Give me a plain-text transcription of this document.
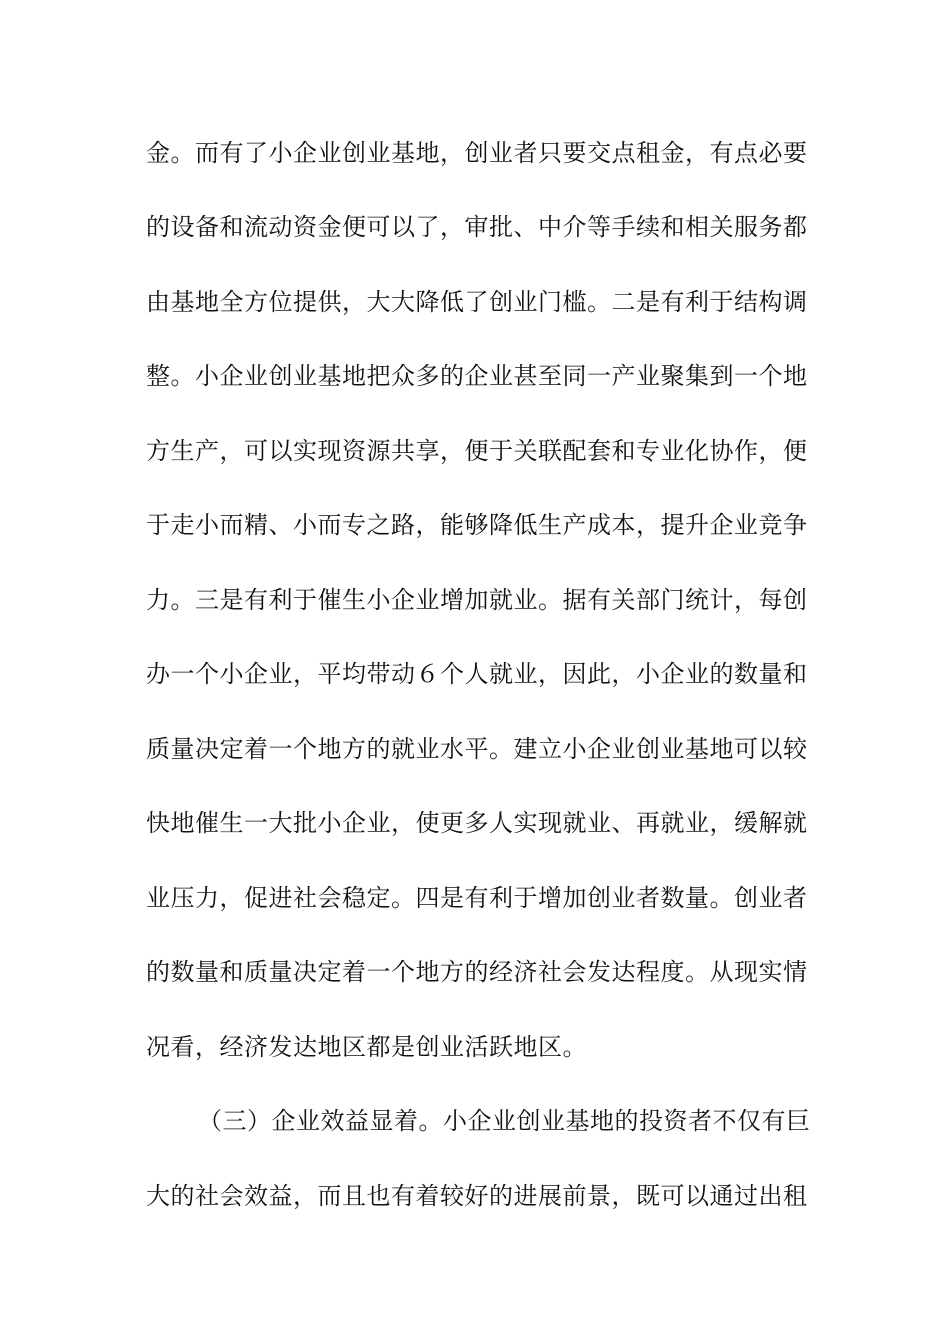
金。而有了小企业创业基地，创业者只要交点租金，有点必要
的设备和流动资金便可以了，审批、中介等手续和相关服务都
由基地全方位提供，大大降低了创业门槛。二是有利于结构调
整。小企业创业基地把众多的企业甚至同一产业聚集到一个地
方生产，可以实现资源共享，便于关联配套和专业化协作，便
于走小而精、小而专之路，能够降低生产成本，提升企业竞争
力。三是有利于催生小企业增加就业。据有关部门统计，每创
办一个小企业，平均带动６个人就业，因此，小企业的数量和
质量决定着一个地方的就业水平。建立小企业创业基地可以较
快地催生一大批小企业，使更多人实现就业、再就业，缓解就
业压力，促进社会稳定。四是有利于增加创业者数量。创业者
的数量和质量决定着一个地方的经济社会发达程度。从现实情
况看，经济发达地区都是创业活跃地区。
（三）企业效益显着。小企业创业基地的投资者不仅有巨
大的社会效益，而且也有着较好的进展前景，既可以通过出租
